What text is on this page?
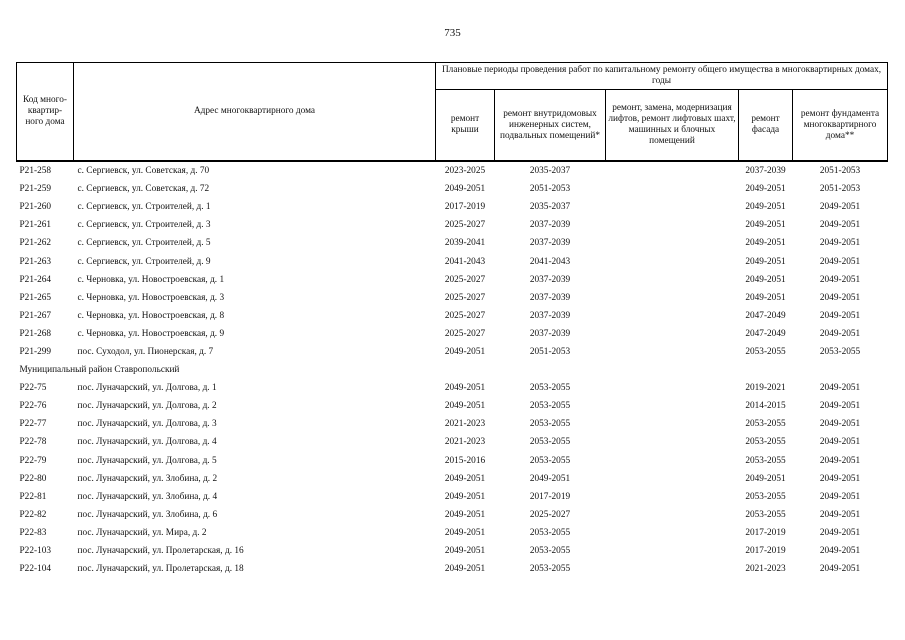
735
Код много-квартир-ного дома	Адрес многоквартирного дома	Плановые периоды проведения работ по капитальному ремонту общего имущества в многоквартирных домах, годы				
		ремонт крыши	ремонт внутридомовых инженерных систем, подвальных помещений*	ремонт, замена, модернизация лифтов, ремонт лифтовых шахт, машинных и блочных помещений	ремонт фасада	ремонт фундамента многоквартирного дома**
P21-258	с. Сергиевск, ул. Советская, д. 70	2023-2025	2035-2037		2037-2039	2051-2053
P21-259	с. Сергиевск, ул. Советская, д. 72	2049-2051	2051-2053		2049-2051	2051-2053
P21-260	с. Сергиевск, ул. Строителей, д. 1	2017-2019	2035-2037		2049-2051	2049-2051
P21-261	с. Сергиевск, ул. Строителей, д. 3	2025-2027	2037-2039		2049-2051	2049-2051
P21-262	с. Сергиевск, ул. Строителей, д. 5	2039-2041	2037-2039		2049-2051	2049-2051
P21-263	с. Сергиевск, ул. Строителей, д. 9	2041-2043	2041-2043		2049-2051	2049-2051
P21-264	с. Черновка, ул. Новостроевская, д. 1	2025-2027	2037-2039		2049-2051	2049-2051
P21-265	с. Черновка, ул. Новостроевская, д. 3	2025-2027	2037-2039		2049-2051	2049-2051
P21-267	с. Черновка, ул. Новостроевская, д. 8	2025-2027	2037-2039		2047-2049	2049-2051
P21-268	с. Черновка, ул. Новостроевская, д. 9	2025-2027	2037-2039		2047-2049	2049-2051
P21-299	пос. Суходол, ул. Пионерская, д. 7	2049-2051	2051-2053		2053-2055	2053-2055
Муниципальный район Ставропольский						
P22-75	пос. Луначарский, ул. Долгова, д. 1	2049-2051	2053-2055		2019-2021	2049-2051
P22-76	пос. Луначарский, ул. Долгова, д. 2	2049-2051	2053-2055		2014-2015	2049-2051
P22-77	пос. Луначарский, ул. Долгова, д. 3	2021-2023	2053-2055		2053-2055	2049-2051
P22-78	пос. Луначарский, ул. Долгова, д. 4	2021-2023	2053-2055		2053-2055	2049-2051
P22-79	пос. Луначарский, ул. Долгова, д. 5	2015-2016	2053-2055		2053-2055	2049-2051
P22-80	пос. Луначарский, ул. Злобина, д. 2	2049-2051	2049-2051		2049-2051	2049-2051
P22-81	пос. Луначарский, ул. Злобина, д. 4	2049-2051	2017-2019		2053-2055	2049-2051
P22-82	пос. Луначарский, ул. Злобина, д. 6	2049-2051	2025-2027		2053-2055	2049-2051
P22-83	пос. Луначарский, ул. Мира, д. 2	2049-2051	2053-2055		2017-2019	2049-2051
P22-103	пос. Луначарский, ул. Пролетарская, д. 16	2049-2051	2053-2055		2017-2019	2049-2051
P22-104	пос. Луначарский, ул. Пролетарская, д. 18	2049-2051	2053-2055		2021-2023	2049-2051
